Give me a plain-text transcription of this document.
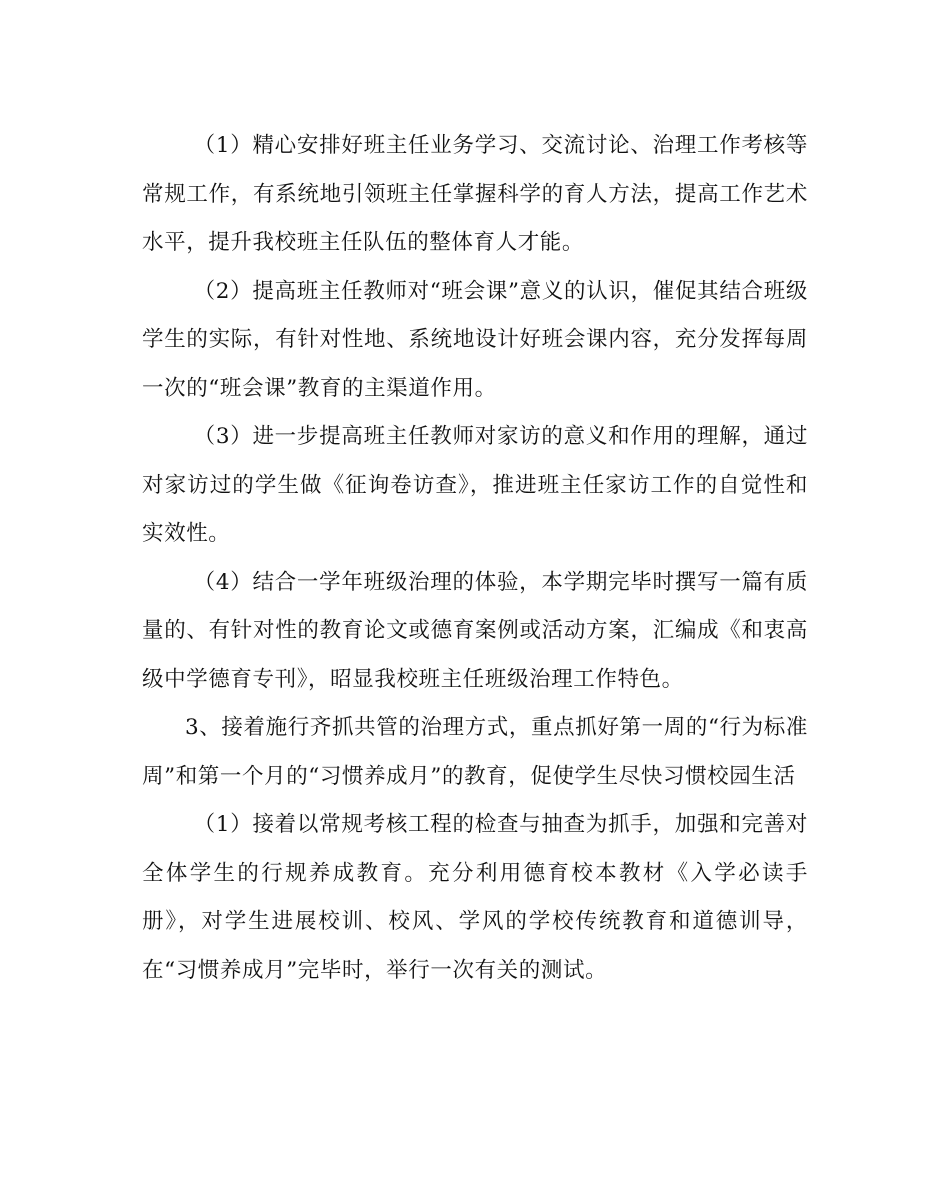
（1）精心安排好班主任业务学习、交流讨论、治理工作考核等常规工作，有系统地引领班主任掌握科学的育人方法，提高工作艺术水平，提升我校班主任队伍的整体育人才能。

（2）提高班主任教师对“班会课”意义的认识，催促其结合班级学生的实际，有针对性地、系统地设计好班会课内容，充分发挥每周一次的“班会课”教育的主渠道作用。

（3）进一步提高班主任教师对家访的意义和作用的理解，通过对家访过的学生做《征询卷访查》，推进班主任家访工作的自觉性和实效性。

（4）结合一学年班级治理的体验，本学期完毕时撰写一篇有质量的、有针对性的教育论文或德育案例或活动方案，汇编成《和衷高级中学德育专刊》，昭显我校班主任班级治理工作特色。

3、接着施行齐抓共管的治理方式，重点抓好第一周的“行为标准周”和第一个月的“习惯养成月”的教育，促使学生尽快习惯校园生活

（1）接着以常规考核工程的检查与抽查为抓手，加强和完善对全体学生的行规养成教育。充分利用德育校本教材《入学必读手册》，对学生进展校训、校风、学风的学校传统教育和道德训导，在“习惯养成月”完毕时，举行一次有关的测试。
